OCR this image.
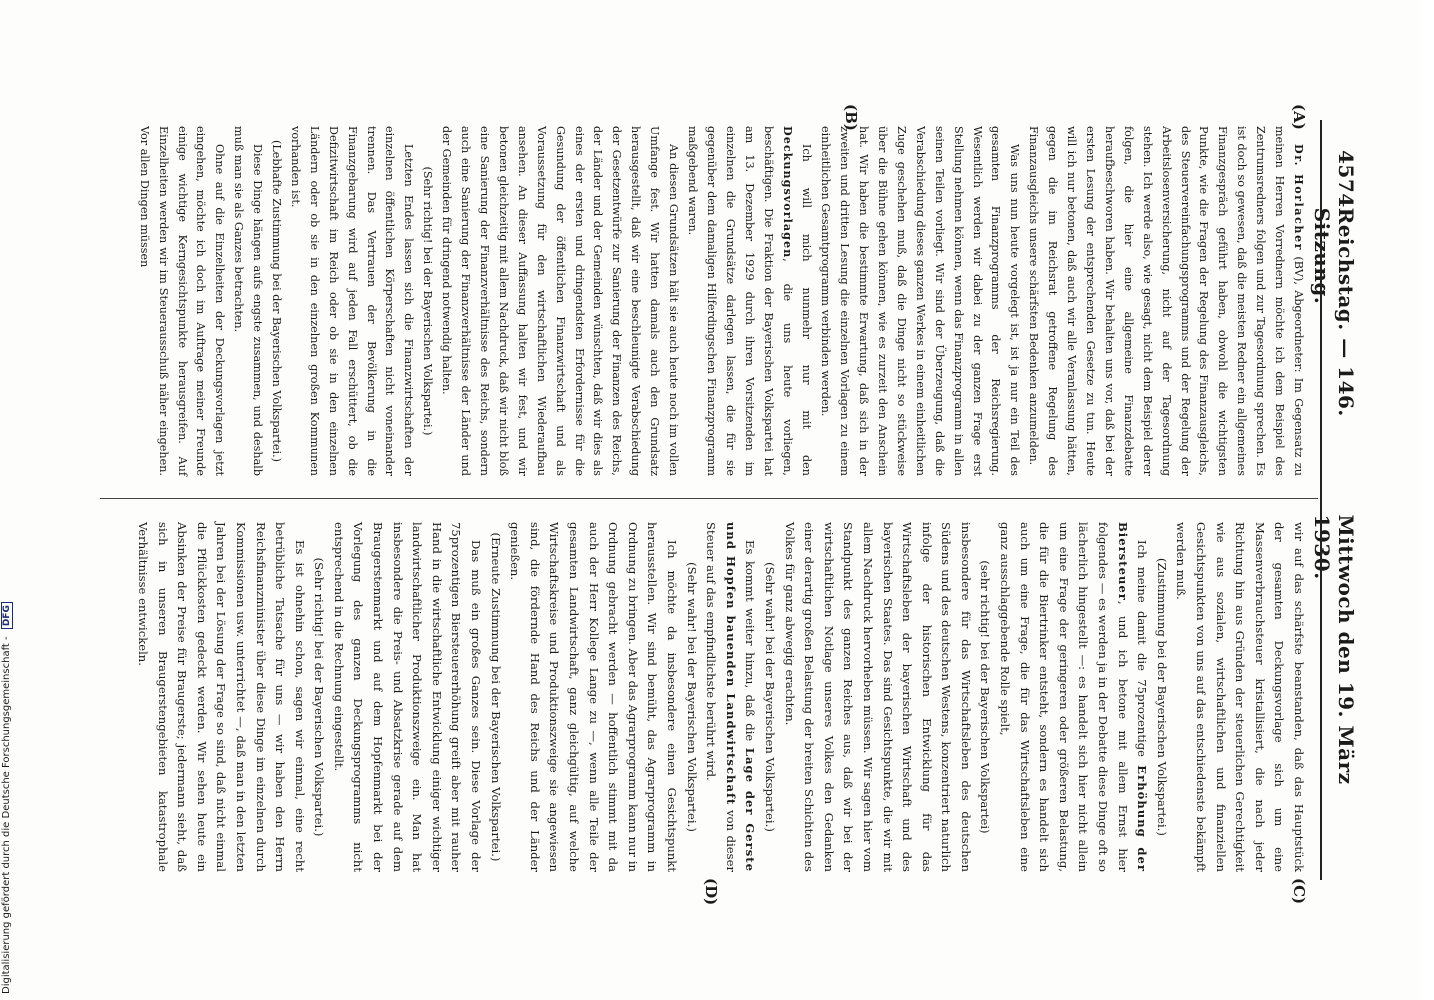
4574
Reichstag. — 146. Sitzung.
Mittwoch den 19. März 1930.
(A)
(B)
(C)
(D)

Dr. Horlacher (BV), Abgeordneter: Im Gegensatz zu meinen Herren Vorrednern möchte ich dem Beispiel des Zentrumsredners folgen und zur Tagesordnung sprechen. Es ist doch so gewesen, daß die meisten Redner ein allgemeines Finanzgespräch geführt haben, obwohl die wichtigsten Punkte, wie die Fragen der Regelung des Finanzausgleichs, des Steuervereinfachungsprogramms und der Regelung der Arbeitslosenversicherung, nicht auf der Tagesordnung stehen. Ich werde also, wie gesagt, nicht dem Beispiel derer folgen, die hier eine allgemeine Finanzdebatte heraufbeschworen haben. Wir behalten uns vor, daß bei der ersten Lesung der entsprechenden Gesetze zu tun. Heute will ich nur betonen, daß auch wir alle Veranlassung hätten, gegen die im Reichsrat getroffene Regelung des Finanzausgleichs unsere schärfsten Bedenken anzumelden.

Was uns nun heute vorgelegt ist, ist ja nur ein Teil des gesamten Finanzprogramms der Reichsregierung. Wesentlich werden wir dabei zu der ganzen Frage erst Stellung nehmen können, wenn das Finanzprogramm in allen seinen Teilen vorliegt. Wir sind der Überzeugung, daß die Verabschiedung dieses ganzen Werkes in einem einheitlichen Zuge geschehen muß, daß die Dinge nicht so stückweise über die Bühne gehen können, wie es zurzeit den Anschein hat. Wir haben die bestimmte Erwartung, daß sich in der zweiten und dritten Lesung die einzelnen Vorlagen zu einem einheitlichen Gesamtprogramm verbinden werden.

Ich will mich nunmehr nur mit den Deckungsvorlagen, die uns heute vorliegen, beschäftigen. Die Fraktion der Bayerischen Volkspartei hat am 13. Dezember 1929 durch ihren Vorsitzenden im einzelnen die Grundsätze darlegen lassen, die für sie gegenüber dem damaligen Hilferdingschen Finanzprogramm maßgebend waren.

An diesen Grundsätzen hält sie auch heute noch im vollen Umfange fest. Wir hatten damals auch den Grundsatz herausgestellt, daß wir eine beschleunigte Verabschiedung der Gesetzentwürfe zur Sanierung der Finanzen des Reichs, der Länder und der Gemeinden wünschten, daß wir dies als eines der ersten und dringendsten Erfordernisse für die Gesundung der öffentlichen Finanzwirtschaft und als Voraussetzung für den wirtschaftlichen Wiederaufbau ansehen. An dieser Auffassung halten wir fest, und wir betonen gleichzeitig mit allem Nachdruck, daß wir nicht bloß eine Sanierung der Finanzverhältnisse des Reichs, sondern auch eine Sanierung der Finanzverhältnisse der Länder und der Gemeinden für dringend notwendig halten.

(Sehr richtig! bei der Bayerischen Volkspartei.)

Letzten Endes lassen sich die Finanzwirtschaften der einzelnen öffentlichen Körperschaften nicht voneinander trennen. Das Vertrauen der Bevölkerung in die Finanzgebarung wird auf jeden Fall erschüttert, ob die Defizitwirtschaft im Reich oder ob sie in den einzelnen Ländern oder ob sie in den einzelnen großen Kommunen vorhanden ist.

(Lebhafte Zustimmung bei der Bayerischen Volkspartei.)

Diese Dinge hängen aufs engste zusammen, und deshalb muß man sie als Ganzes betrachten.

Ohne auf die Einzelheiten der Deckungsvorlagen jetzt eingehen, möchte ich doch im Auftrage meiner Freunde einige wichtige Kerngesichtspunkte herausgreifen. Auf Einzelheiten werden wir im Steuerausschuß näher eingehen. Vor allen Dingen müssen

wir auf das schärfste beanstanden, daß das Hauptstück der gesamten Deckungsvorlage sich um eine Massenverbrauchsteuer kristallisiert, die nach jeder Richtung hin aus Gründen der steuerlichen Gerechtigkeit wie aus sozialen, wirtschaftlichen und finanziellen Gesichtspunkten von uns auf das entschiedenste bekämpft werden muß.

(Zustimmung bei der Bayerischen Volkspartei.)

Ich meine damit die 75prozentige Erhöhung der Biersteuer, und ich betone mit allem Ernst hier folgendes — es werden ja in der Debatte diese Dinge oft so lächerlich hingestellt —: es handelt sich hier nicht allein um eine Frage der geringeren oder größeren Belastung, die für die Biertrinker entsteht, sondern es handelt sich auch um eine Frage, die für das Wirtschaftsleben eine ganz ausschlaggebende Rolle spielt,

(sehr richtig! bei der Bayerischen Volkspartei)

insbesondere für das Wirtschaftsleben des deutschen Südens und des deutschen Westens, konzentriert naturlich infolge der historischen Entwicklung für das Wirtschaftsleben der bayerischen Wirtschaft und des bayerischen Staates. Das sind Gesichtspunkte, die wir mit allem Nachdruck hervorheben müssen. Wir sagen hier vom Standpunkt des ganzen Reiches aus, daß wir bei der wirtschaftlichen Notlage unseres Volkes den Gedanken einer derartig großen Belastung der breiten Schichten des Volkes für ganz abwegig erachten.

(Sehr wahr! bei der Bayerischen Volkspartei.)

Es kommt weiter hinzu, daß die Lage der Gerste und Hopfen bauenden Landwirtschaft von dieser Steuer auf das empfindlichste berührt wird.

(Sehr wahr! bei der Bayerischen Volkspartei.)

Ich möchte da insbesondere einen Gesichtspunkt herausstellen. Wir sind bemüht, das Agrarprogramm in Ordnung zu bringen. Aber das Agrarprogramm kann nur in Ordnung gebracht werden — hoffentlich stimmt mit da auch der Herr Kollege Lange zu —, wenn alle Teile der gesamten Landwirtschaft, ganz gleichgültig, auf welche Wirtschaftskreise und Produktionszweige sie angewiesen sind, die fördernde Hand des Reichs und der Länder genießen.

(Erneute Zustimmung bei der Bayerischen Volkspartei.)

Das muß ein großes Ganzes sein. Diese Vorlage der 75prozentigen Biersteuererhöhung greift aber mit rauher Hand in die wirtschaftliche Entwicklung einiger wichtiger landwirtschaftlicher Produktionszweige ein. Man hat insbesondere die Preis- und Absatzkrise gerade auf dem Braugerstenmarkt und auf dem Hopfenmarkt bei der Vorlegung des ganzen Deckungsprogramms nicht entsprechend in die Rechnung eingestellt.

(Sehr richtig! bei der Bayerischen Volkspartei.)

Es ist ohnehin schon, sagen wir einmal, eine recht betrübliche Tatsache für uns — wir haben den Herrn Reichsfinanzminister über diese Dinge im einzelnen durch Kommissionen usw. unterrichtet —, daß man in den letzten Jahren bei der Lösung der Frage so sind, daß nicht einmal die Pflückkosten gedeckt werden. Wir sehen heute ein Absinken der Preise für Braugerste; jedermann sieht, daß sich in unseren Braugerstengebieten katastrophale Verhältnisse entwickeln.

Digitalisierung gefördert durch die Deutsche Forschungsgemeinschaft - DFG
